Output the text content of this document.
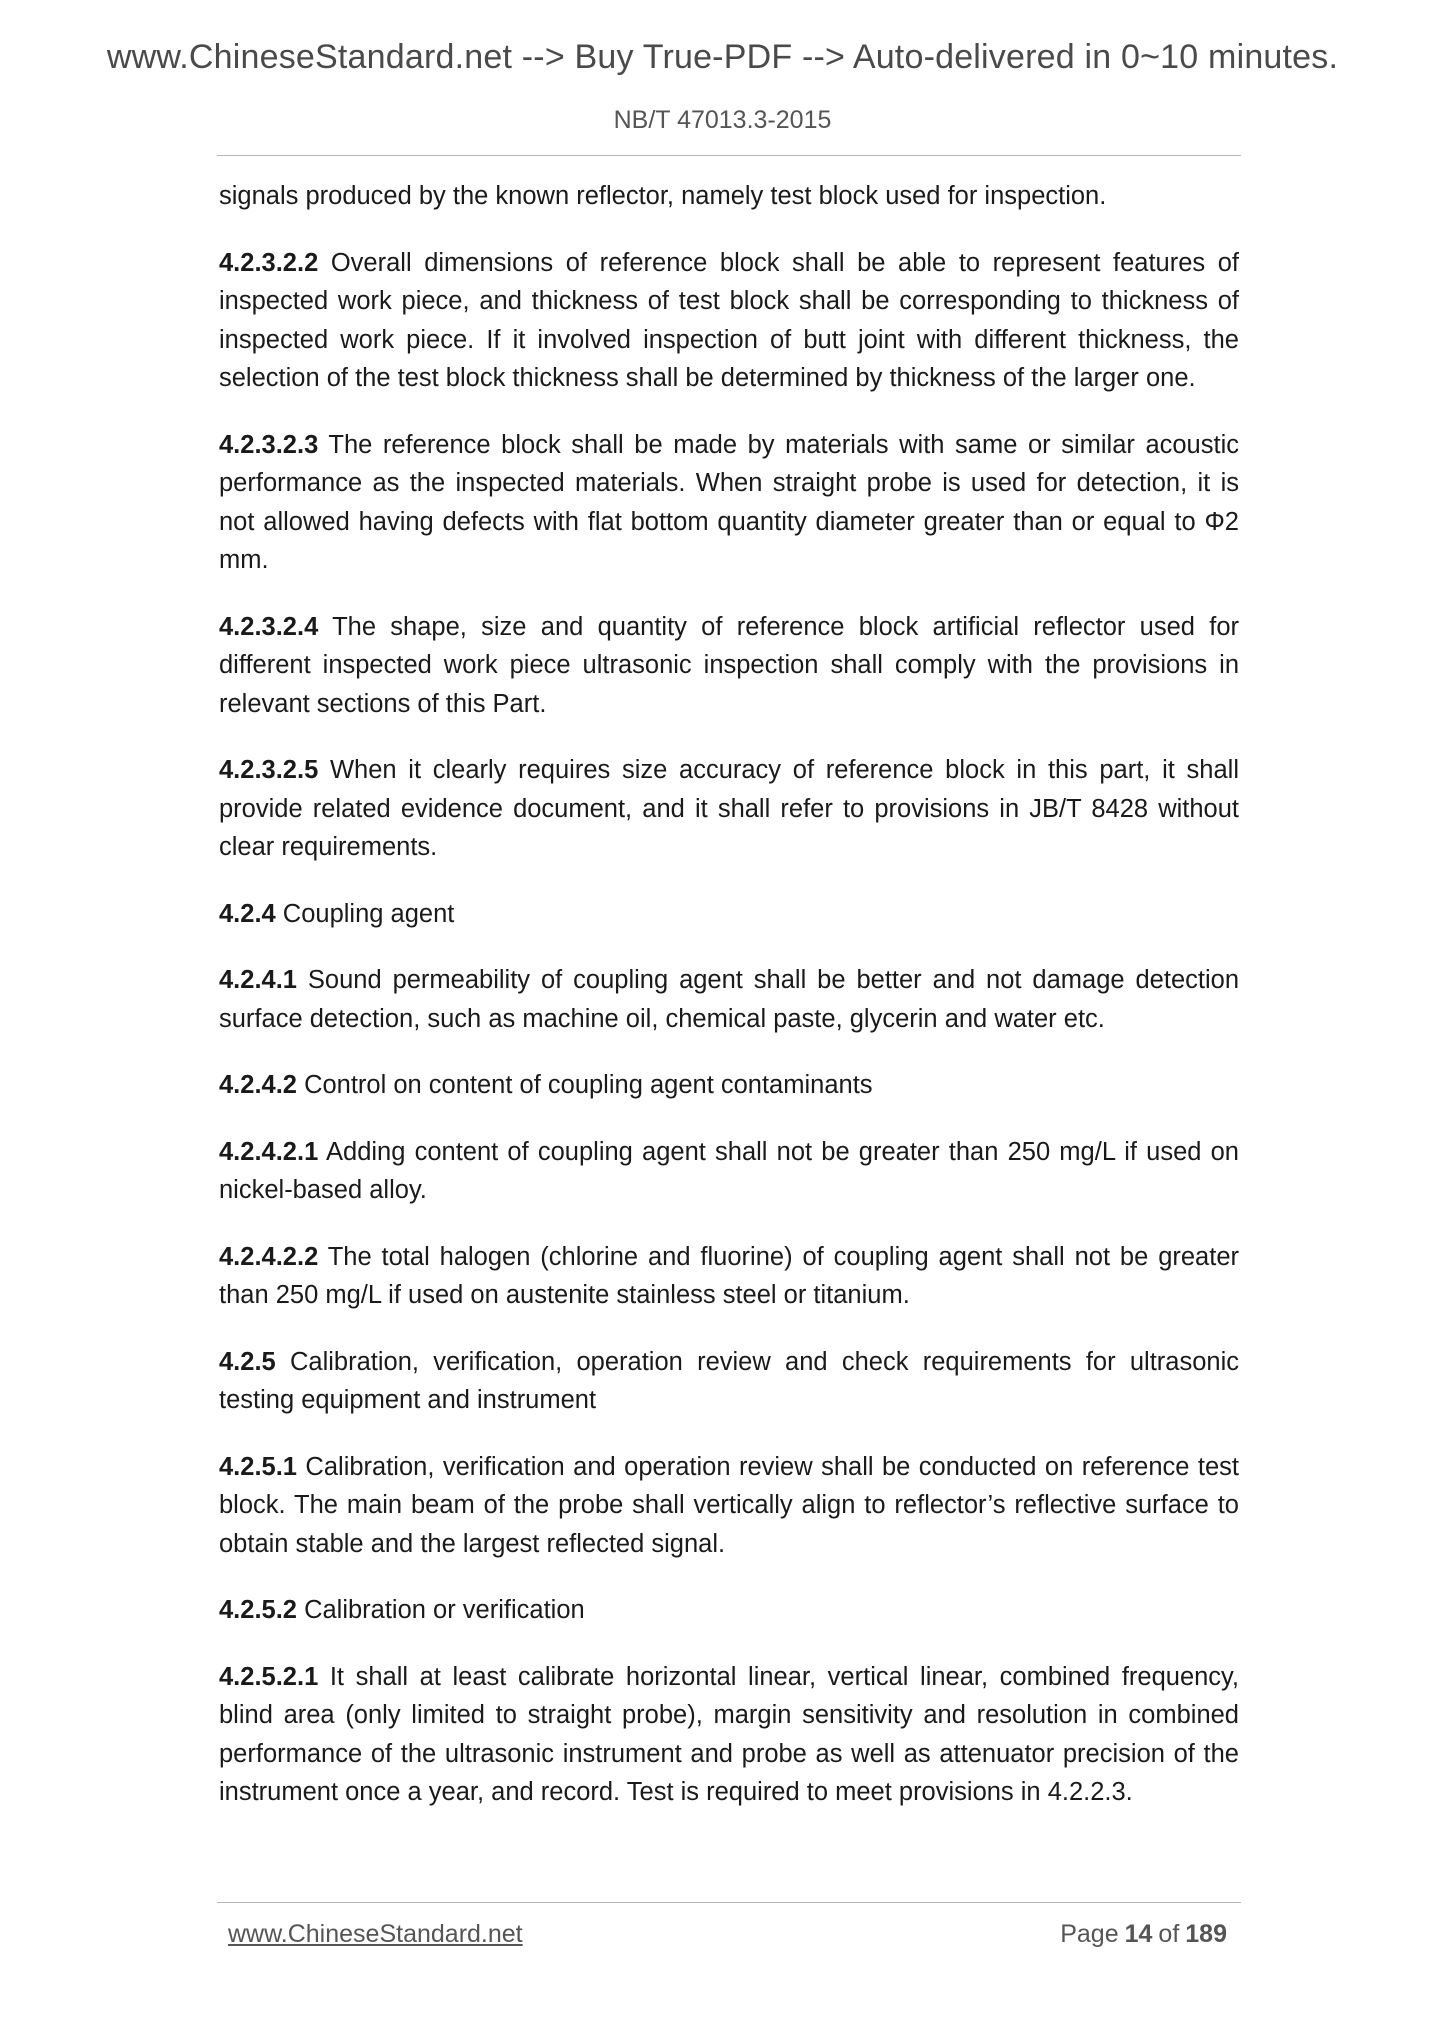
www.ChineseStandard.net --> Buy True-PDF --> Auto-delivered in 0~10 minutes.
NB/T 47013.3-2015

signals produced by the known reflector, namely test block used for inspection.

4.2.3.2.2 Overall dimensions of reference block shall be able to represent features of inspected work piece, and thickness of test block shall be corresponding to thickness of inspected work piece. If it involved inspection of butt joint with different thickness, the selection of the test block thickness shall be determined by thickness of the larger one.

4.2.3.2.3 The reference block shall be made by materials with same or similar acoustic performance as the inspected materials. When straight probe is used for detection, it is not allowed having defects with flat bottom quantity diameter greater than or equal to Φ2 mm.

4.2.3.2.4 The shape, size and quantity of reference block artificial reflector used for different inspected work piece ultrasonic inspection shall comply with the provisions in relevant sections of this Part.

4.2.3.2.5 When it clearly requires size accuracy of reference block in this part, it shall provide related evidence document, and it shall refer to provisions in JB/T 8428 without clear requirements.

4.2.4 Coupling agent

4.2.4.1 Sound permeability of coupling agent shall be better and not damage detection surface detection, such as machine oil, chemical paste, glycerin and water etc.

4.2.4.2 Control on content of coupling agent contaminants

4.2.4.2.1 Adding content of coupling agent shall not be greater than 250 mg/L if used on nickel-based alloy.

4.2.4.2.2 The total halogen (chlorine and fluorine) of coupling agent shall not be greater than 250 mg/L if used on austenite stainless steel or titanium.

4.2.5 Calibration, verification, operation review and check requirements for ultrasonic testing equipment and instrument

4.2.5.1 Calibration, verification and operation review shall be conducted on reference test block. The main beam of the probe shall vertically align to reflector’s reflective surface to obtain stable and the largest reflected signal.

4.2.5.2 Calibration or verification

4.2.5.2.1 It shall at least calibrate horizontal linear, vertical linear, combined frequency, blind area (only limited to straight probe), margin sensitivity and resolution in combined performance of the ultrasonic instrument and probe as well as attenuator precision of the instrument once a year, and record. Test is required to meet provisions in 4.2.2.3.

www.ChineseStandard.net	Page 14 of 189
